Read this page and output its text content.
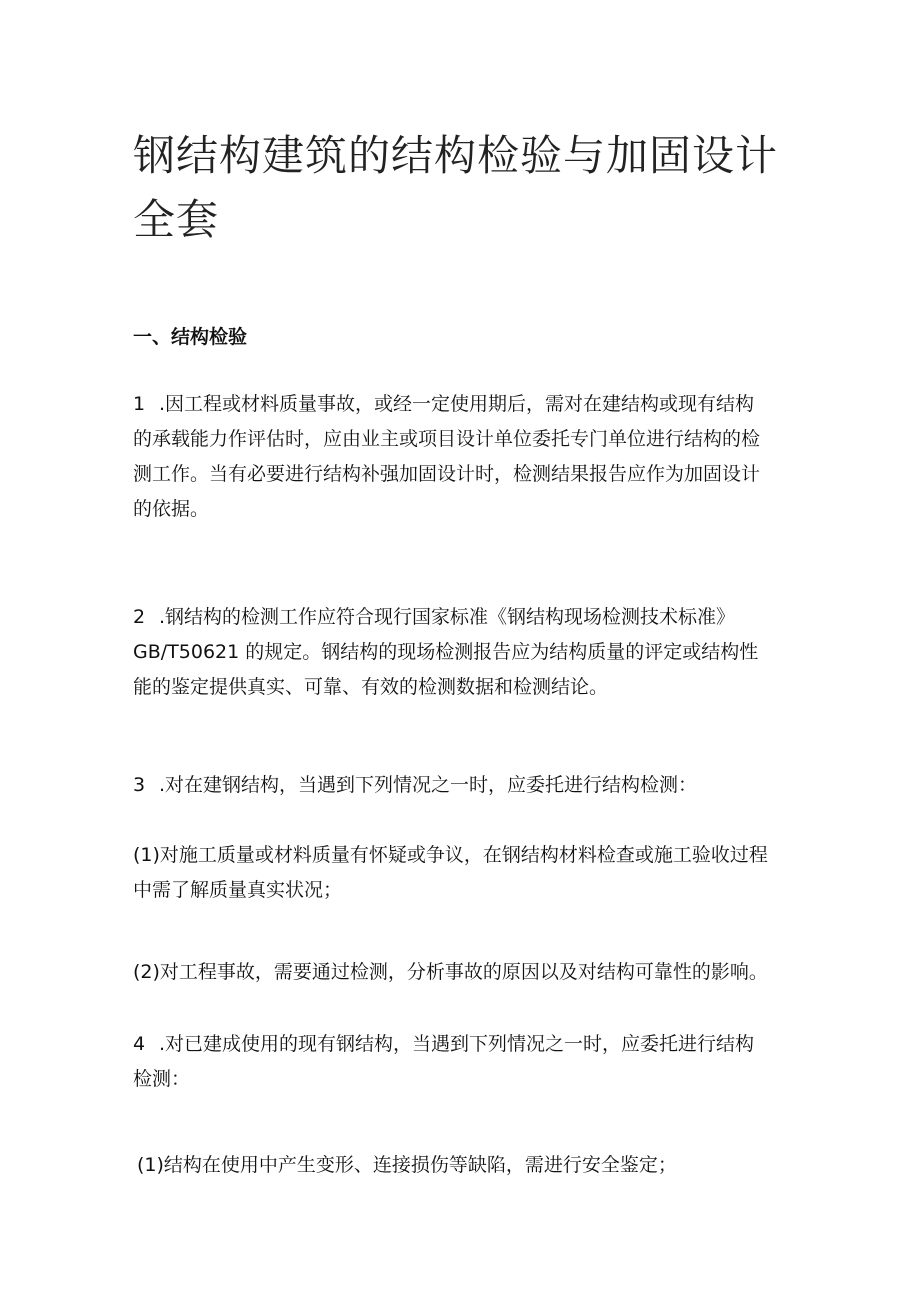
钢结构建筑的结构检验与加固设计
全套
一、结构检验

1 .因工程或材料质量事故，或经一定使用期后，需对在建结构或现有结构
的承载能力作评估时，应由业主或项目设计单位委托专门单位进行结构的检
测工作。当有必要进行结构补强加固设计时，检测结果报告应作为加固设计
的依据。

2 .钢结构的检测工作应符合现行国家标准《钢结构现场检测技术标准》
GB/T50621 的规定。钢结构的现场检测报告应为结构质量的评定或结构性
能的鉴定提供真实、可靠、有效的检测数据和检测结论。

3 .对在建钢结构，当遇到下列情况之一时，应委托进行结构检测：

(1)对施工质量或材料质量有怀疑或争议，在钢结构材料检查或施工验收过程
中需了解质量真实状况；

(2)对工程事故，需要通过检测，分析事故的原因以及对结构可靠性的影响。

4 .对已建成使用的现有钢结构，当遇到下列情况之一时，应委托进行结构
检测：

(1)结构在使用中产生变形、连接损伤等缺陷，需进行安全鉴定；
